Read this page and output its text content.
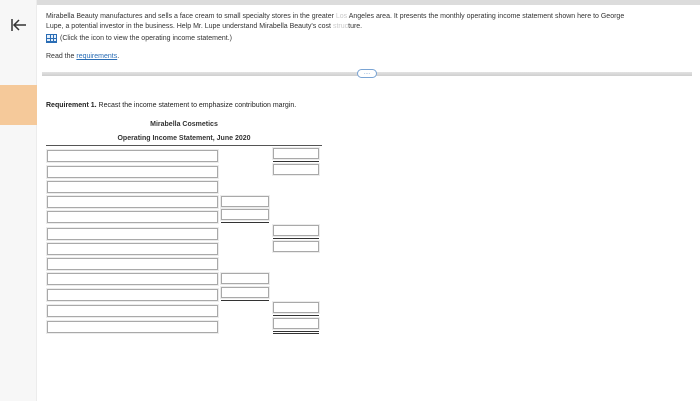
Mirabella Beauty manufactures and sells a face cream to small specialty stores in the greater Los Angeles area. It presents the monthly operating income statement shown here to George
Lupe, a potential investor in the business. Help Mr. Lupe understand Mirabella Beauty's cost structure.
(Click the icon to view the operating income statement.)
Read the requirements.
....
Requirement 1. Recast the income statement to emphasize contribution margin.
Mirabella Cosmetics
Operating Income Statement, June 2020
